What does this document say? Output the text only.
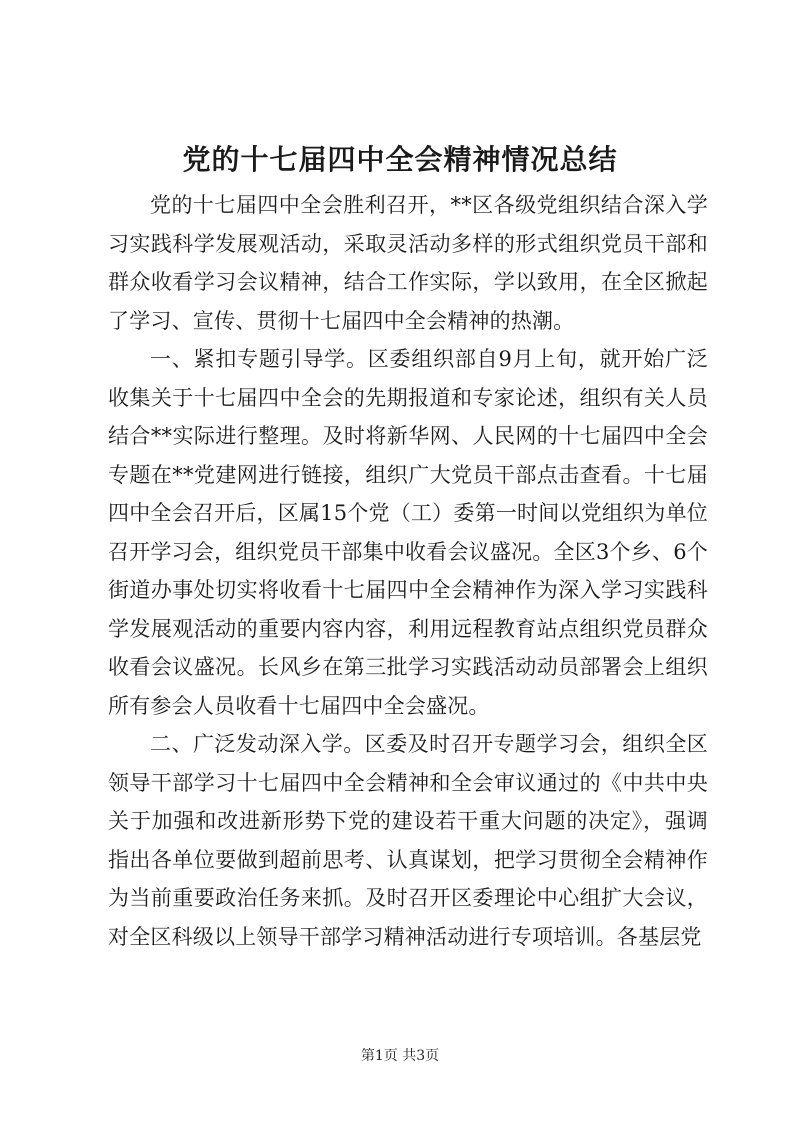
党的十七届四中全会精神情况总结

党的十七届四中全会胜利召开，**区各级党组织结合深入学习实践科学发展观活动，采取灵活动多样的形式组织党员干部和群众收看学习会议精神，结合工作实际，学以致用，在全区掀起了学习、宣传、贯彻十七届四中全会精神的热潮。

一、紧扣专题引导学。区委组织部自9月上旬，就开始广泛收集关于十七届四中全会的先期报道和专家论述，组织有关人员结合**实际进行整理。及时将新华网、人民网的十七届四中全会专题在**党建网进行链接，组织广大党员干部点击查看。十七届四中全会召开后，区属15个党（工）委第一时间以党组织为单位召开学习会，组织党员干部集中收看会议盛况。全区3个乡、6个街道办事处切实将收看十七届四中全会精神作为深入学习实践科学发展观活动的重要内容内容，利用远程教育站点组织党员群众收看会议盛况。长风乡在第三批学习实践活动动员部署会上组织所有参会人员收看十七届四中全会盛况。

二、广泛发动深入学。区委及时召开专题学习会，组织全区领导干部学习十七届四中全会精神和全会审议通过的《中共中央关于加强和改进新形势下党的建设若干重大问题的决定》，强调指出各单位要做到超前思考、认真谋划，把学习贯彻全会精神作为当前重要政治任务来抓。及时召开区委理论中心组扩大会议，对全区科级以上领导干部学习精神活动进行专项培训。各基层党

第1页 共3页
